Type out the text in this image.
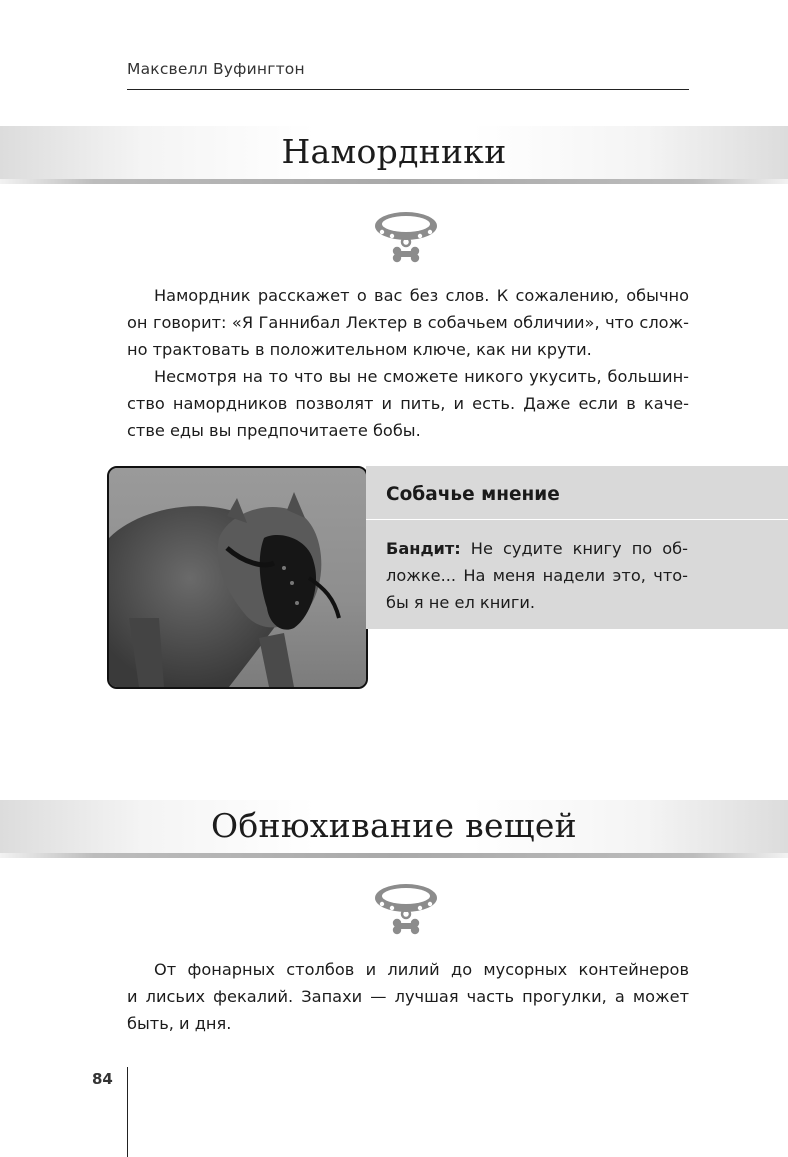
Максвелл Вуфингтон
Намордники

Намордник расскажет о вас без слов. К сожалению, обычно
он говорит: «Я Ганнибал Лектер в собачьем обличии», что слож-
но трактовать в положительном ключе, как ни крути.

Несмотря на то что вы не сможете никого укусить, большин-
ство намордников позволят и пить, и есть. Даже если в каче-
стве еды вы предпочитаете бобы.

Собачье мнение
Бандит: Не судите книгу по об-
ложке... На меня надели это, что-
бы я не ел книги.
Обнюхивание вещей

От фонарных столбов и лилий до мусорных контейнеров
и лисьих фекалий. Запахи — лучшая часть прогулки, а может
быть, и дня.

84
